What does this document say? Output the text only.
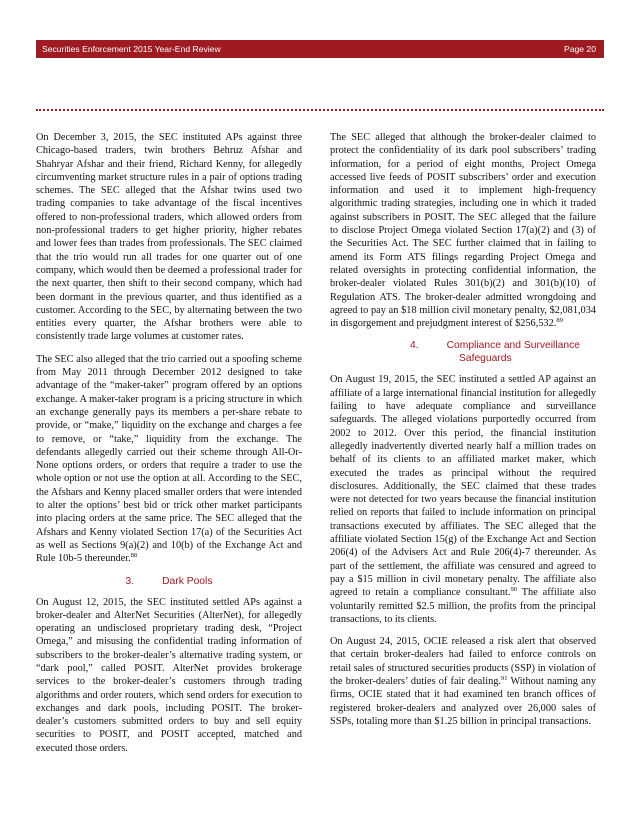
Securities Enforcement 2015 Year-End Review	Page 20

On December 3, 2015, the SEC instituted APs against three Chicago-based traders, twin brothers Behruz Afshar and Shahryar Afshar and their friend, Richard Kenny, for allegedly circumventing market structure rules in a pair of options trading schemes. The SEC alleged that the Afshar twins used two trading companies to take advantage of the fiscal incentives offered to non-professional traders, which allowed orders from non-professional traders to get higher priority, higher rebates and lower fees than trades from professionals. The SEC claimed that the trio would run all trades for one quarter out of one company, which would then be deemed a professional trader for the next quarter, then shift to their second company, which had been dormant in the previous quarter, and thus identified as a customer. According to the SEC, by alternating between the two entities every quarter, the Afshar brothers were able to consistently trade large volumes at customer rates.

The SEC also alleged that the trio carried out a spoofing scheme from May 2011 through December 2012 designed to take advantage of the “maker-taker” program offered by an options exchange. A maker-taker program is a pricing structure in which an exchange generally pays its members a per-share rebate to provide, or “make,” liquidity on the exchange and charges a fee to remove, or “take,” liquidity from the exchange. The defendants allegedly carried out their scheme through All-Or-None options orders, or orders that require a trader to use the whole option or not use the option at all. According to the SEC, the Afshars and Kenny placed smaller orders that were intended to alter the options’ best bid or trick other market participants into placing orders at the same price. The SEC alleged that the Afshars and Kenny violated Section 17(a) of the Securities Act as well as Sections 9(a)(2) and 10(b) of the Exchange Act and Rule 10b-5 thereunder.$^{88}$

3.	Dark Pools

On August 12, 2015, the SEC instituted settled APs against a broker-dealer and AlterNet Securities (AlterNet), for allegedly operating an undisclosed proprietary trading desk, “Project Omega,” and misusing the confidential trading information of subscribers to the broker-dealer’s alternative trading system, or “dark pool,” called POSIT. AlterNet provides brokerage services to the broker-dealer’s customers through trading algorithms and order routers, which send orders for execution to exchanges and dark pools, including POSIT. The broker-dealer’s customers submitted orders to buy and sell equity securities to POSIT, and POSIT accepted, matched and executed those orders.

The SEC alleged that although the broker-dealer claimed to protect the confidentiality of its dark pool subscribers’ trading information, for a period of eight months, Project Omega accessed live feeds of POSIT subscribers’ order and execution information and used it to implement high-frequency algorithmic trading strategies, including one in which it traded against subscribers in POSIT. The SEC alleged that the failure to disclose Project Omega violated Section 17(a)(2) and (3) of the Securities Act. The SEC further claimed that in failing to amend its Form ATS filings regarding Project Omega and related oversights in protecting confidential information, the broker-dealer violated Rules 301(b)(2) and 301(b)(10) of Regulation ATS. The broker-dealer admitted wrongdoing and agreed to pay an $18 million civil monetary penalty, $2,081,034 in disgorgement and prejudgment interest of $256,532.89

4.	Compliance and Surveillance
Safeguards

On August 19, 2015, the SEC instituted a settled AP against an affiliate of a large international financial institution for allegedly failing to have adequate compliance and surveillance safeguards. The alleged violations purportedly occurred from 2002 to 2012. Over this period, the financial institution allegedly inadvertently diverted nearly half a million trades on behalf of its clients to an affiliated market maker, which executed the trades as principal without the required disclosures. Additionally, the SEC claimed that these trades were not detected for two years because the financial institution relied on reports that failed to include information on principal transactions executed by affiliates. The SEC alleged that the affiliate violated Section 15(g) of the Exchange Act and Section 206(4) of the Advisers Act and Rule 206(4)-7 thereunder. As part of the settlement, the affiliate was censured and agreed to pay a $15 million in civil monetary penalty. The affiliate also agreed to retain a compliance consultant.$^{90}$ The affiliate also voluntarily remitted $2.5 million, the profits from the principal transactions, to its clients.

On August 24, 2015, OCIE released a risk alert that observed that certain broker-dealers had failed to enforce controls on retail sales of structured securities products (SSP) in violation of the broker-dealers’ duties of fair dealing.$^{91}$ Without naming any firms, OCIE stated that it had examined ten branch offices of registered broker-dealers and analyzed over 26,000 sales of SSPs, totaling more than $1.25 billion in principal transactions.
